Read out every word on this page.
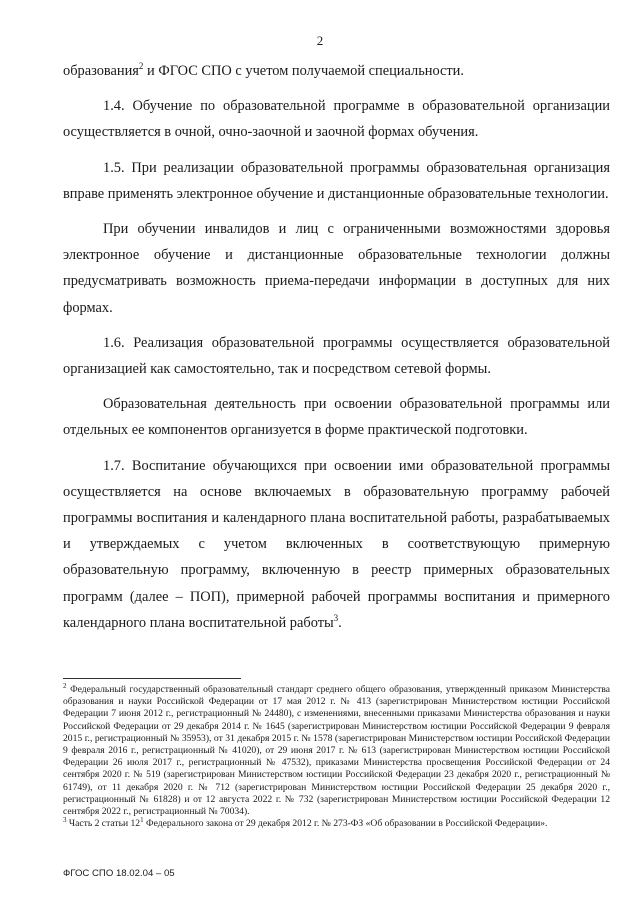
2

образования$^2$ и ФГОС СПО с учетом получаемой специальности.

1.4. Обучение по образовательной программе в образовательной организации осуществляется в очной, очно-заочной и заочной формах обучения.

1.5. При реализации образовательной программы образовательная организация вправе применять электронное обучение и дистанционные образовательные технологии.

При обучении инвалидов и лиц с ограниченными возможностями здоровья электронное обучение и дистанционные образовательные технологии должны предусматривать возможность приема-передачи информации в доступных для них формах.

1.6. Реализация образовательной программы осуществляется образовательной организацией как самостоятельно, так и посредством сетевой формы.

Образовательная деятельность при освоении образовательной программы или отдельных ее компонентов организуется в форме практической подготовки.

1.7. Воспитание обучающихся при освоении ими образовательной программы осуществляется на основе включаемых в образовательную программу рабочей программы воспитания и календарного плана воспитательной работы, разрабатываемых и утверждаемых с учетом включенных в соответствующую примерную образовательную программу, включенную в реестр примерных образовательных программ (далее – ПОП), примерной рабочей программы воспитания и примерного календарного плана воспитательной работы$^3$.

$^2$ Федеральный государственный образовательный стандарт среднего общего образования, утвержденный приказом Министерства образования и науки Российской Федерации от 17 мая 2012 г. № 413 (зарегистрирован Министерством юстиции Российской Федерации 7 июня 2012 г., регистрационный № 24480), с изменениями, внесенными приказами Министерства образования и науки Российской Федерации от 29 декабря 2014 г. № 1645 (зарегистрирован Министерством юстиции Российской Федерации 9 февраля 2015 г., регистрационный № 35953), от 31 декабря 2015 г. № 1578 (зарегистрирован Министерством юстиции Российской Федерации 9 февраля 2016 г., регистрационный № 41020), от 29 июня 2017 г. № 613 (зарегистрирован Министерством юстиции Российской Федерации 26 июля 2017 г., регистрационный № 47532), приказами Министерства просвещения Российской Федерации от 24 сентября 2020 г. № 519 (зарегистрирован Министерством юстиции Российской Федерации 23 декабря 2020 г., регистрационный № 61749), от 11 декабря 2020 г. № 712 (зарегистрирован Министерством юстиции Российской Федерации 25 декабря 2020 г., регистрационный № 61828) и от 12 августа 2022 г. № 732 (зарегистрирован Министерством юстиции Российской Федерации 12 сентября 2022 г., регистрационный № 70034).

$^3$ Часть 2 статьи $12^1$ Федерального закона от 29 декабря 2012 г. № 273-ФЗ «Об образовании в Российской Федерации».

ФГОС СПО 18.02.04 – 05
